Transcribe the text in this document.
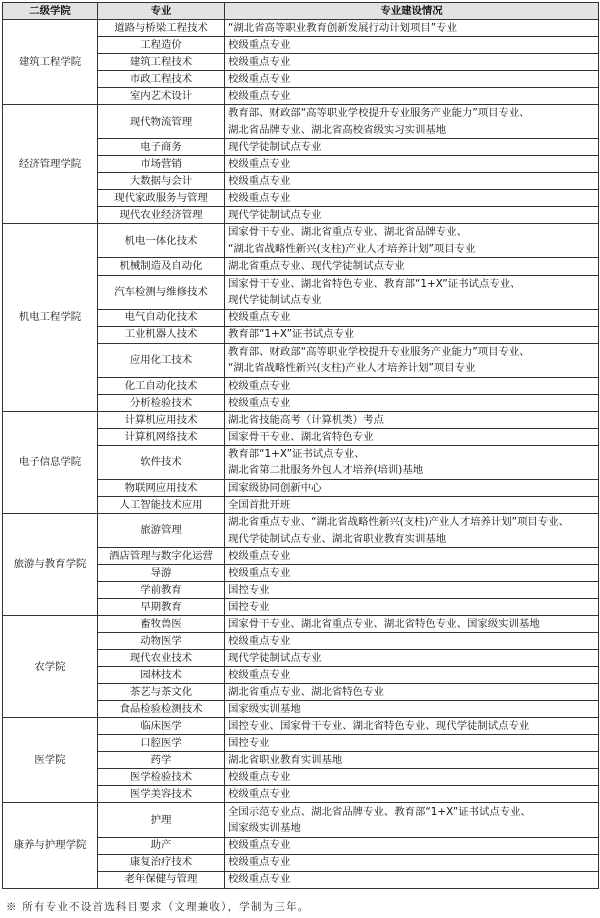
二级学院	专业	专业建设情况
建筑工程学院	道路与桥梁工程技术	“湖北省高等职业教育创新发展行动计划项目”专业
	工程造价	校级重点专业
	建筑工程技术	校级重点专业
	市政工程技术	校级重点专业
	室内艺术设计	校级重点专业
经济管理学院	现代物流管理	教育部、财政部“高等职业学校提升专业服务产业能力”项目专业、
		湖北省品牌专业、湖北省高校省级实习实训基地
	电子商务	现代学徒制试点专业
	市场营销	校级重点专业
	大数据与会计	校级重点专业
	现代家政服务与管理	校级重点专业
	现代农业经济管理	现代学徒制试点专业
机电工程学院	机电一体化技术	国家骨干专业、湖北省重点专业、湖北省品牌专业、
		“湖北省战略性新兴(支柱)产业人才培养计划”项目专业
	机械制造及自动化	湖北省重点专业、现代学徒制试点专业
	汽车检测与维修技术	国家骨干专业、湖北省特色专业、教育部“1+X”证书试点专业、
		现代学徒制试点专业
	电气自动化技术	校级重点专业
	工业机器人技术	教育部“1+X”证书试点专业
	应用化工技术	教育部、财政部“高等职业学校提升专业服务产业能力”项目专业、
		“湖北省战略性新兴(支柱)产业人才培养计划”项目专业
	化工自动化技术	校级重点专业
	分析检验技术	校级重点专业
电子信息学院	计算机应用技术	湖北省技能高考（计算机类）考点
	计算机网络技术	国家骨干专业、湖北省特色专业
	软件技术	教育部“1+X”证书试点专业、
		湖北省第二批服务外包人才培养(培训)基地
	物联网应用技术	国家级协同创新中心
	人工智能技术应用	全国首批开班
旅游与教育学院	旅游管理	湖北省重点专业、“湖北省战略性新兴(支柱)产业人才培养计划”项目专业、
		现代学徒制试点专业、湖北省职业教育实训基地
	酒店管理与数字化运营	校级重点专业
	导游	校级重点专业
	学前教育	国控专业
	早期教育	国控专业
农学院	畜牧兽医	国家骨干专业、湖北省重点专业、湖北省特色专业、国家级实训基地
	动物医学	校级重点专业
	现代农业技术	现代学徒制试点专业
	园林技术	校级重点专业
	茶艺与茶文化	湖北省重点专业、湖北省特色专业
	食品检验检测技术	国家级实训基地
医学院	临床医学	国控专业、国家骨干专业、湖北省特色专业、现代学徒制试点专业
	口腔医学	国控专业
	药学	湖北省职业教育实训基地
	医学检验技术	校级重点专业
	医学美容技术	校级重点专业
康养与护理学院	护理	全国示范专业点、湖北省品牌专业、教育部“1+X”证书试点专业、
		国家级实训基地
	助产	校级重点专业
	康复治疗技术	校级重点专业
	老年保健与管理	校级重点专业
※ 所有专业不设首选科目要求（文理兼收），学制为三年。
